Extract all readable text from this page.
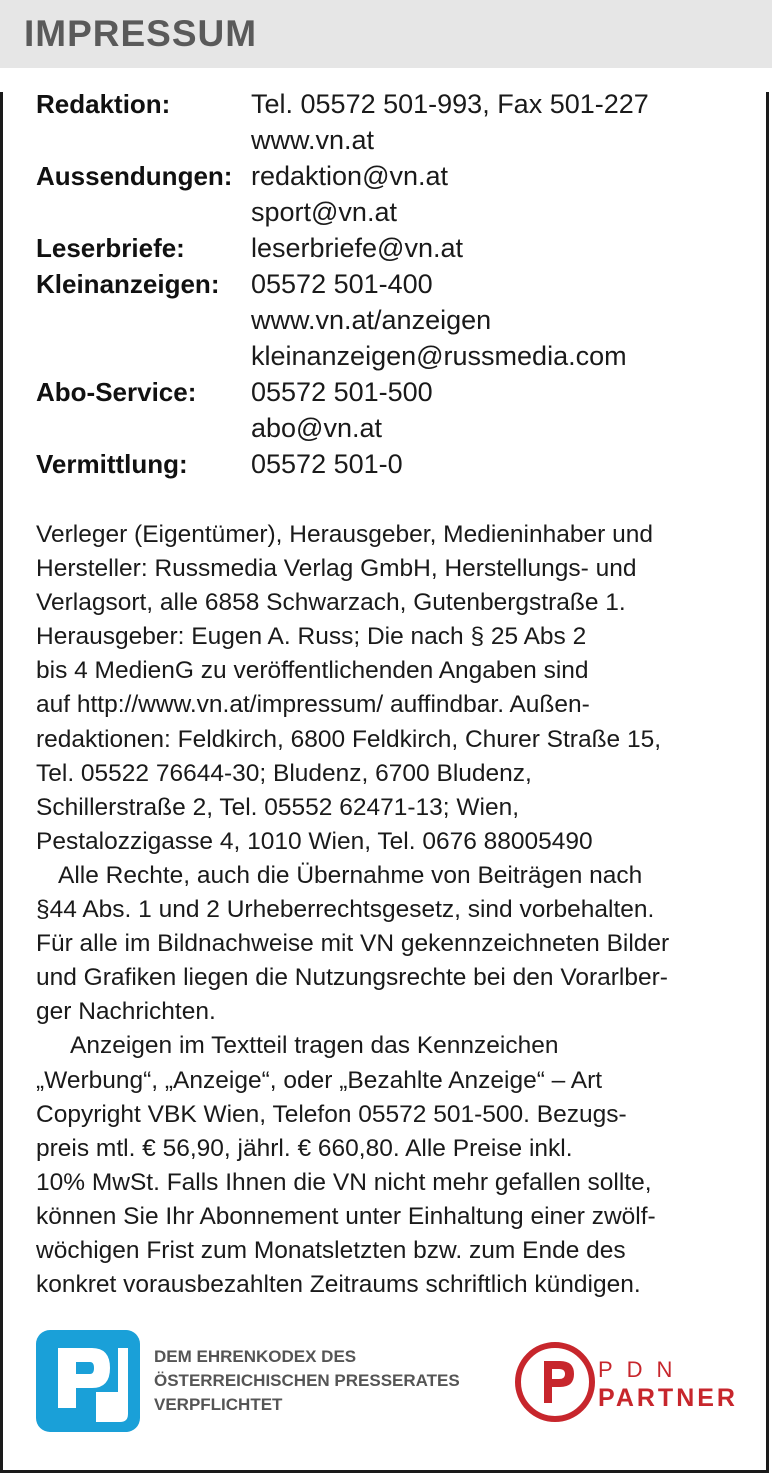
IMPRESSUM
Redaktion:	Tel. 05572 501-993, Fax 501-227
www.vn.at
Aussendungen: redaktion@vn.at
sport@vn.at
Leserbriefe:	leserbriefe@vn.at
Kleinanzeigen:	05572 501-400
www.vn.at/anzeigen
kleinanzeigen@russmedia.com
Abo-Service:	05572 501-500
abo@vn.at
Vermittlung:	05572 501-0
Verleger (Eigentümer), Herausgeber, Medieninhaber und
Hersteller: Russmedia Verlag GmbH, Herstellungs- und
Verlagsort, alle 6858 Schwarzach, Gutenbergstraße 1.
Herausgeber: Eugen A. Russ; Die nach § 25 Abs 2
bis 4 MedienG zu veröffentlichenden Angaben sind
auf http://www.vn.at/impressum/ auffindbar. Außen-
redaktionen: Feldkirch, 6800 Feldkirch, Churer Straße 15,
Tel. 05522 76644-30; Bludenz, 6700 Bludenz,
Schillerstraße 2, Tel. 05552 62471-13; Wien,
Pestalozzigasse 4, 1010 Wien, Tel. 0676 88005490
Alle Rechte, auch die Übernahme von Beiträgen nach
§44 Abs. 1 und 2 Urheberrechtsgesetz, sind vorbehalten.
Für alle im Bildnachweise mit VN gekennzeichneten Bilder
und Grafiken liegen die Nutzungsrechte bei den Vorarlber-
ger Nachrichten.
Anzeigen im Textteil tragen das Kennzeichen
„Werbung“, „Anzeige“, oder „Bezahlte Anzeige“ – Art
Copyright VBK Wien, Telefon 05572 501-500. Bezugs-
preis mtl. € 56,90, jährl. € 660,80. Alle Preise inkl.
10% MwSt. Falls Ihnen die VN nicht mehr gefallen sollte,
können Sie Ihr Abonnement unter Einhaltung einer zwölf-
wöchigen Frist zum Monatsletzten bzw. zum Ende des
konkret vorausbezahlten Zeitraums schriftlich kündigen.
DEM EHRENKODEX DES
ÖSTERREICHISCHEN PRESSERATES
VERPFLICHTET
PDN
PARTNER
